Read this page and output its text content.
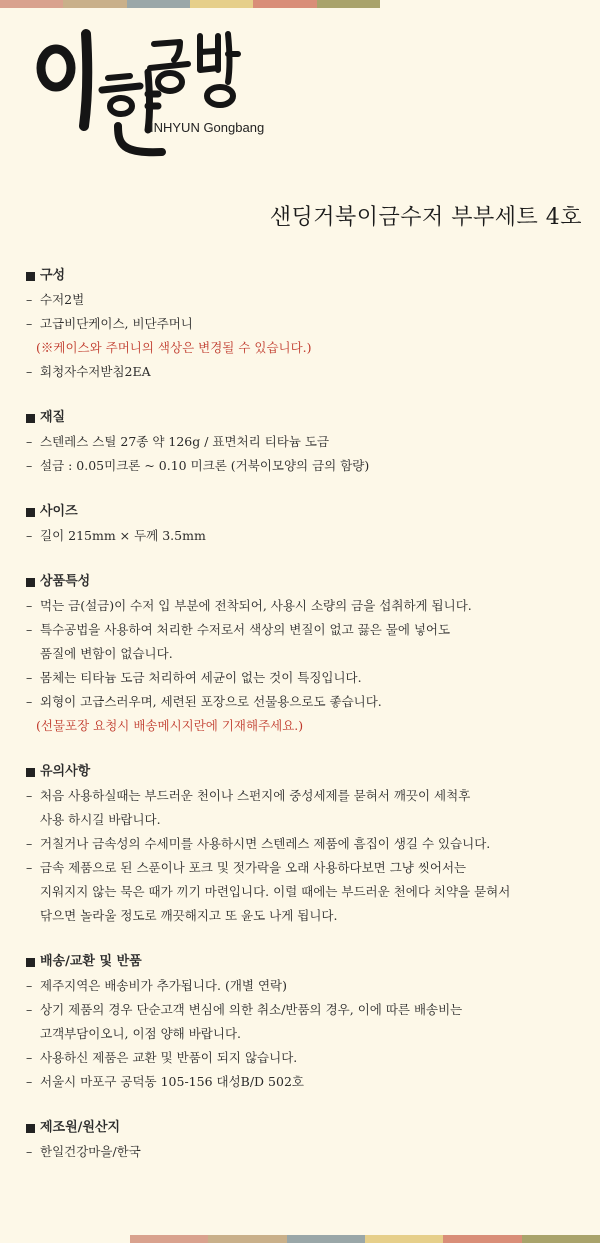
INHYUN Gongbang
샌딩거북이금수저 부부세트 4호
구성
– 수저2벌
– 고급비단케이스, 비단주머니
(※케이스와 주머니의 색상은 변경될 수 있습니다.)
– 회청자수저받침2EA
재질
– 스텐레스 스틸 27종 약 126g / 표면처리 티타늄 도금
– 설금 : 0.05미크론 ~ 0.10 미크론 (거북이모양의 금의 함량)
사이즈
– 길이 215mm × 두께 3.5mm
상품특성
– 먹는 금(설금)이 수저 입 부분에 전착되어, 사용시 소량의 금을 섭취하게 됩니다.
– 특수공법을 사용하여 처리한 수저로서 색상의 변질이 없고 끓은 물에 넣어도
품질에 변함이 없습니다.
– 몸체는 티타늄 도금 처리하여 세균이 없는 것이 특징입니다.
– 외형이 고급스러우며, 세련된 포장으로 선물용으로도 좋습니다.
(선물포장 요청시 배송메시지란에 기재해주세요.)
유의사항
– 처음 사용하실때는 부드러운 천이나 스펀지에 중성세제를 묻혀서 깨끗이 세척후
사용 하시길 바랍니다.
– 거칠거나 금속성의 수세미를 사용하시면 스텐레스 제품에 흠집이 생길 수 있습니다.
– 금속 제품으로 된 스푼이나 포크 및 젓가락을 오래 사용하다보면 그냥 씻어서는
지워지지 않는 묵은 때가 끼기 마련입니다. 이럴 때에는 부드러운 천에다 치약을 묻혀서
닦으면 놀라울 정도로 깨끗해지고 또 윤도 나게 됩니다.
배송/교환 및 반품
– 제주지역은 배송비가 추가됩니다. (개별 연락)
– 상기 제품의 경우 단순고객 변심에 의한 취소/반품의 경우, 이에 따른 배송비는
고객부담이오니, 이점 양해 바랍니다.
– 사용하신 제품은 교환 및 반품이 되지 않습니다.
– 서울시 마포구 공덕동 105-156 대성B/D 502호
제조원/원산지
– 한일건강마을/한국
